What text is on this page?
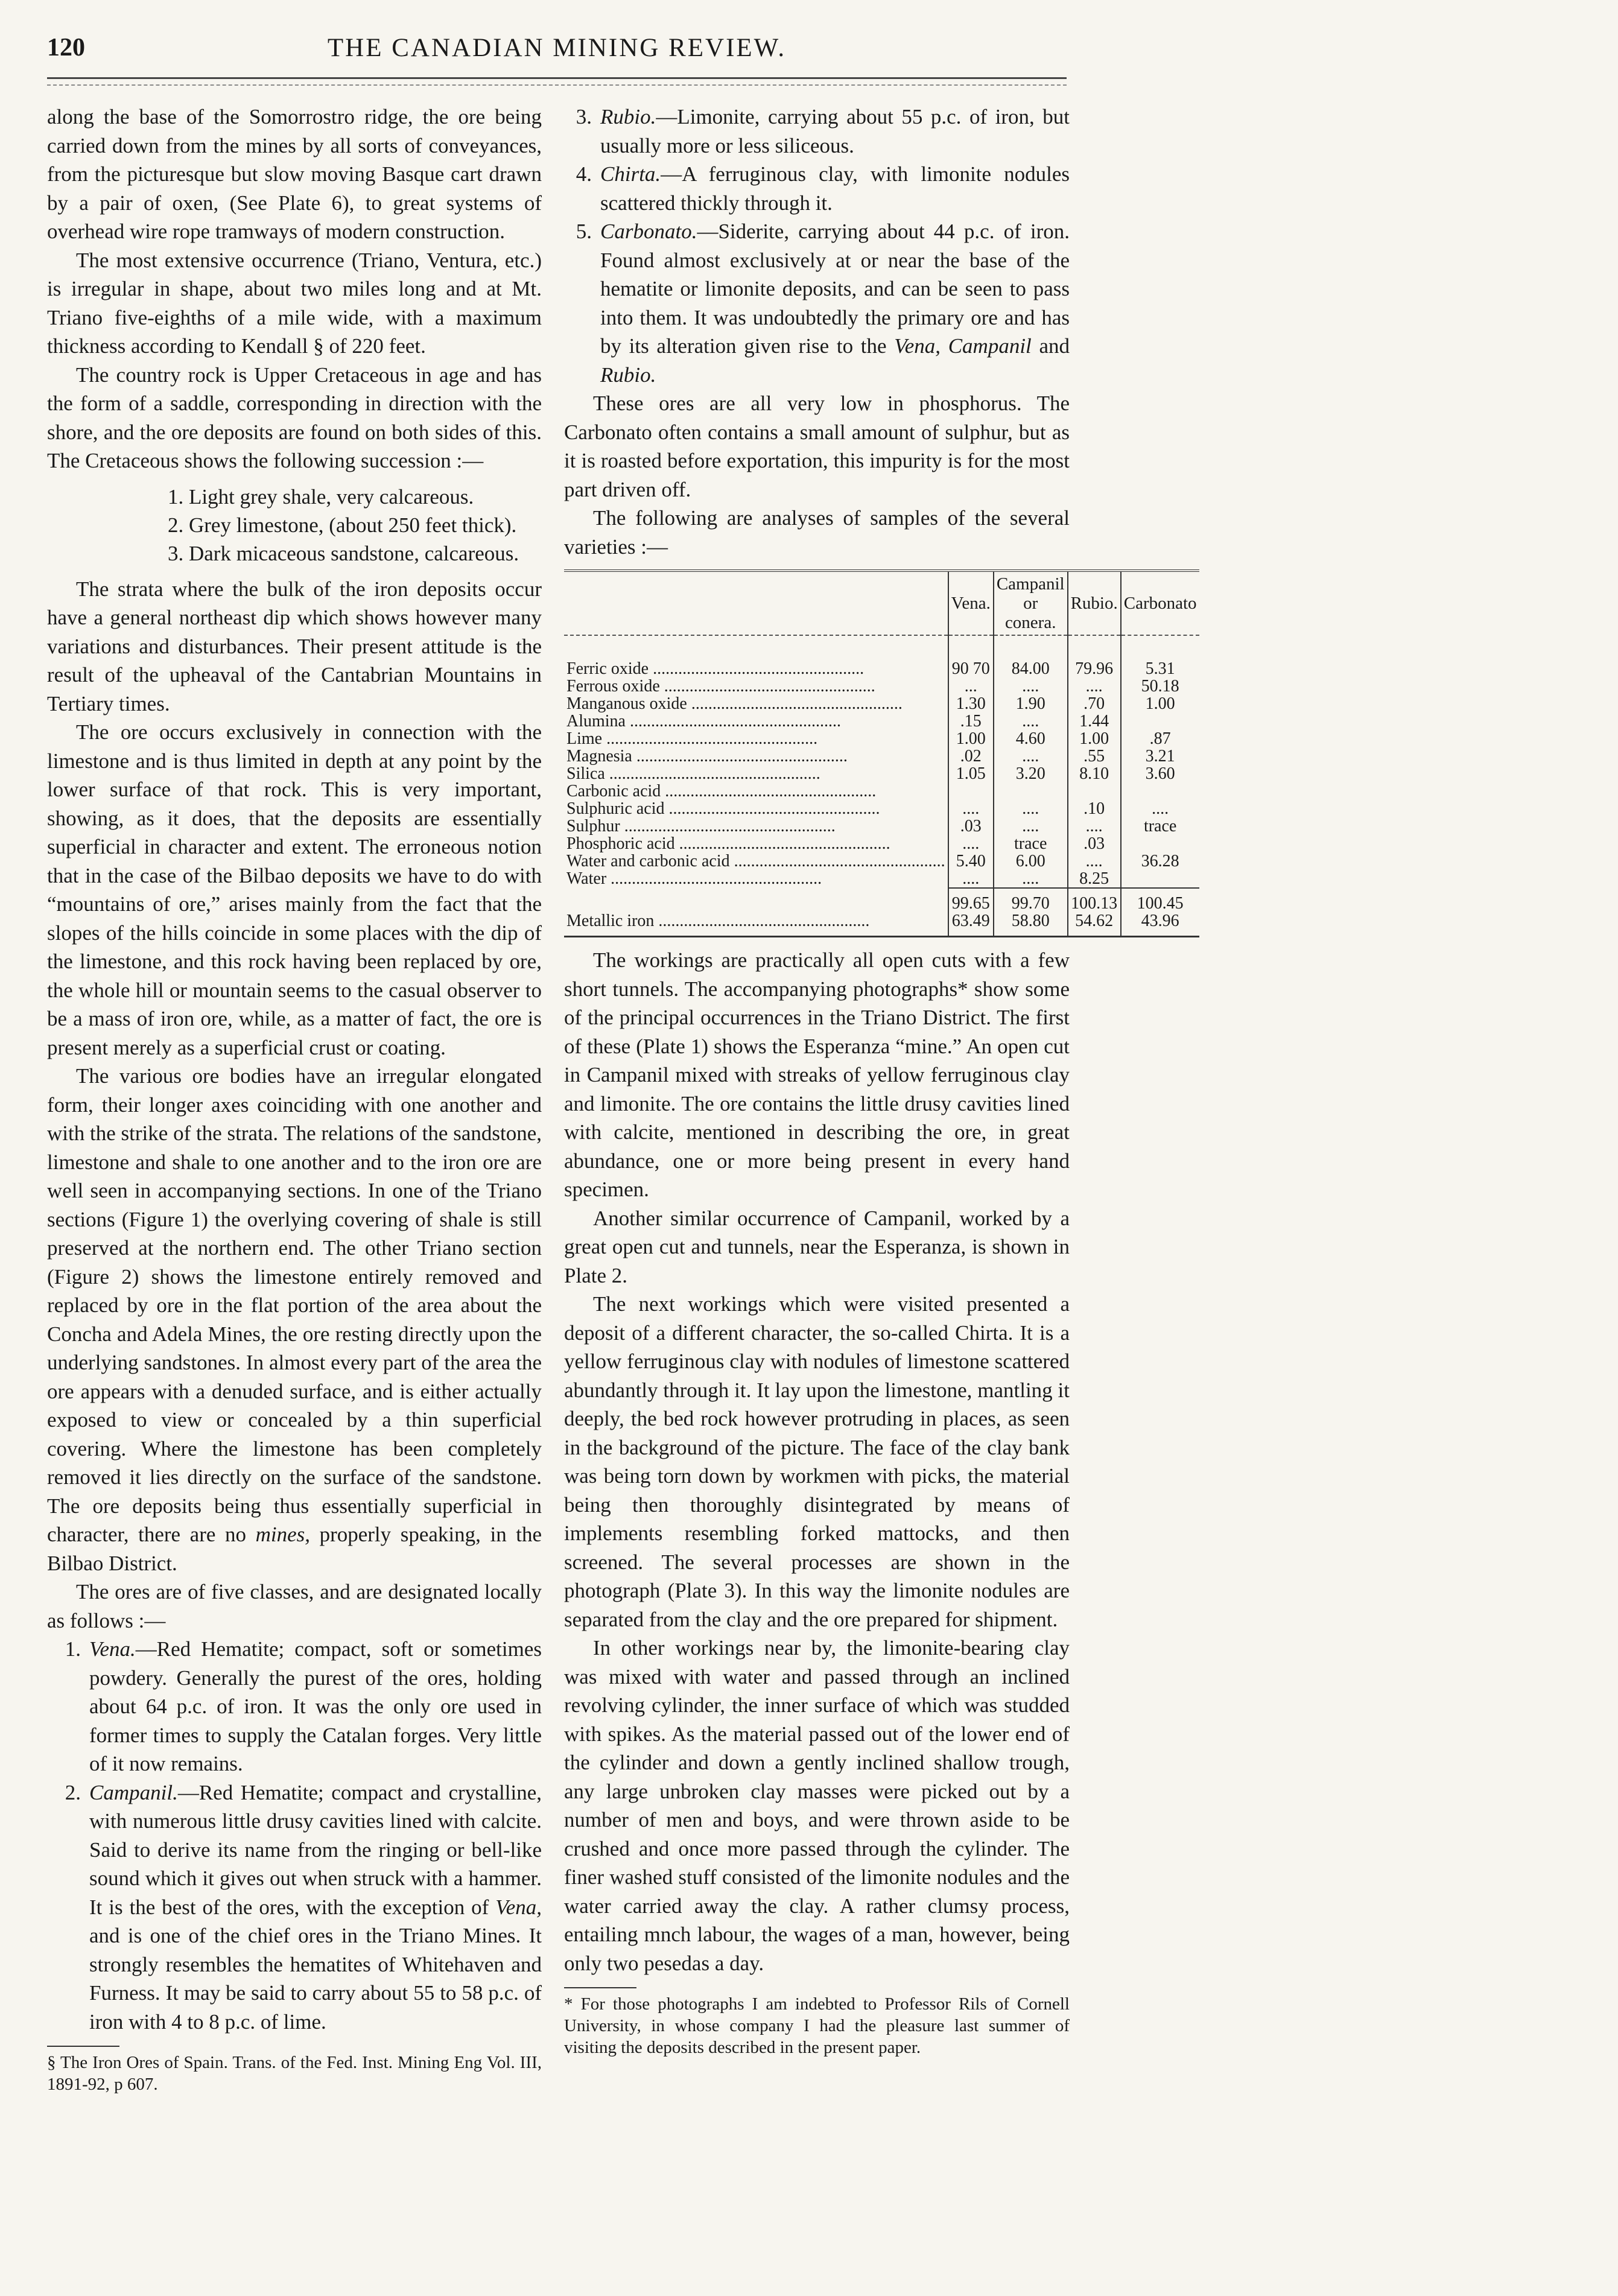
120	THE CANADIAN MINING REVIEW.

along the base of the Somorrostro ridge, the ore being carried down from the mines by all sorts of conveyances, from the picturesque but slow moving Basque cart drawn by a pair of oxen, (See Plate 6), to great systems of overhead wire rope tramways of modern construction.

The most extensive occurrence (Triano, Ventura, etc.) is irregular in shape, about two miles long and at Mt. Triano five-eighths of a mile wide, with a maximum thickness according to Kendall § of 220 feet.

The country rock is Upper Cretaceous in age and has the form of a saddle, corresponding in direction with the shore, and the ore deposits are found on both sides of this. The Cretaceous shows the following succession :—

1. Light grey shale, very calcareous.
2. Grey limestone, (about 250 feet thick).
3. Dark micaceous sandstone, calcareous.

The strata where the bulk of the iron deposits occur have a general northeast dip which shows however many variations and disturbances. Their present attitude is the result of the upheaval of the Cantabrian Mountains in Tertiary times.

The ore occurs exclusively in connection with the limestone and is thus limited in depth at any point by the lower surface of that rock. This is very important, showing, as it does, that the deposits are essentially superficial in character and extent. The erroneous notion that in the case of the Bilbao deposits we have to do with “mountains of ore,” arises mainly from the fact that the slopes of the hills coincide in some places with the dip of the limestone, and this rock having been replaced by ore, the whole hill or mountain seems to the casual observer to be a mass of iron ore, while, as a matter of fact, the ore is present merely as a superficial crust or coating.

The various ore bodies have an irregular elongated form, their longer axes coinciding with one another and with the strike of the strata. The relations of the sandstone, limestone and shale to one another and to the iron ore are well seen in accompanying sections. In one of the Triano sections (Figure 1) the overlying covering of shale is still preserved at the northern end. The other Triano section (Figure 2) shows the limestone entirely removed and replaced by ore in the flat portion of the area about the Concha and Adela Mines, the ore resting directly upon the underlying sandstones. In almost every part of the area the ore appears with a denuded surface, and is either actually exposed to view or concealed by a thin superficial covering. Where the limestone has been completely removed it lies directly on the surface of the sandstone. The ore deposits being thus essentially superficial in character, there are no mines, properly speaking, in the Bilbao District.

The ores are of five classes, and are designated locally as follows :—

1. Vena.—Red Hematite; compact, soft or sometimes powdery. Generally the purest of the ores, holding about 64 p.c. of iron. It was the only ore used in former times to supply the Catalan forges. Very little of it now remains.
2. Campanil.—Red Hematite; compact and crystalline, with numerous little drusy cavities lined with calcite. Said to derive its name from the ringing or bell-like sound which it gives out when struck with a hammer. It is the best of the ores, with the exception of Vena, and is one of the chief ores in the Triano Mines. It strongly resembles the hematites of Whitehaven and Furness. It may be said to carry about 55 to 58 p.c. of iron with 4 to 8 p.c. of lime.
§ The Iron Ores of Spain. Trans. of the Fed. Inst. Mining Eng Vol. III, 1891-92, p 607.
3. Rubio.—Limonite, carrying about 55 p.c. of iron, but usually more or less siliceous.
4. Chirta.—A ferruginous clay, with limonite nodules scattered thickly through it.
5. Carbonato.—Siderite, carrying about 44 p.c. of iron. Found almost exclusively at or near the base of the hematite or limonite deposits, and can be seen to pass into them. It was undoubtedly the primary ore and has by its alteration given rise to the Vena, Campanil and Rubio.

These ores are all very low in phosphorus. The Carbonato often contains a small amount of sulphur, but as it is roasted before exportation, this impurity is for the most part driven off.

The following are analyses of samples of the several varieties :—

	Vena.	Campanil or conera.	Rubio.	Carbonato

Ferric oxide ..................................................	90 70	84.00	79.96	5.31
Ferrous oxide ..................................................	...	....	....	50.18
Manganous oxide ..................................................	1.30	1.90	.70	1.00
Alumina ..................................................	.15	....	1.44	
Lime ..................................................	1.00	4.60	1.00	.87
Magnesia ..................................................	.02	....	.55	3.21
Silica ..................................................	1.05	3.20	8.10	3.60
Carbonic acid ..................................................				
Sulphuric acid ..................................................	....	....	.10	....
Sulphur ..................................................	.03	....	....	trace
Phosphoric acid ..................................................	....	trace	.03	
Water and carbonic acid ..................................................	5.40	6.00	....	36.28
Water ..................................................	....	....	8.25	
	99.65	99.70	100.13	100.45
Metallic iron ..................................................	63.49	58.80	54.62	43.96

The workings are practically all open cuts with a few short tunnels. The accompanying photographs* show some of the principal occurrences in the Triano District. The first of these (Plate 1) shows the Esperanza “mine.” An open cut in Campanil mixed with streaks of yellow ferruginous clay and limonite. The ore contains the little drusy cavities lined with calcite, mentioned in describing the ore, in great abundance, one or more being present in every hand specimen.

Another similar occurrence of Campanil, worked by a great open cut and tunnels, near the Esperanza, is shown in Plate 2.

The next workings which were visited presented a deposit of a different character, the so-called Chirta. It is a yellow ferruginous clay with nodules of limestone scattered abundantly through it. It lay upon the limestone, mantling it deeply, the bed rock however protruding in places, as seen in the background of the picture. The face of the clay bank was being torn down by workmen with picks, the material being then thoroughly disintegrated by means of implements resembling forked mattocks, and then screened. The several processes are shown in the photograph (Plate 3). In this way the limonite nodules are separated from the clay and the ore prepared for shipment.

In other workings near by, the limonite-bearing clay was mixed with water and passed through an inclined revolving cylinder, the inner surface of which was studded with spikes. As the material passed out of the lower end of the cylinder and down a gently inclined shallow trough, any large unbroken clay masses were picked out by a number of men and boys, and were thrown aside to be crushed and once more passed through the cylinder. The finer washed stuff consisted of the limonite nodules and the water carried away the clay. A rather clumsy process, entailing mnch labour, the wages of a man, however, being only two pesedas a day.

* For those photographs I am indebted to Professor Rils of Cornell University, in whose company I had the pleasure last summer of visiting the deposits described in the present paper.
